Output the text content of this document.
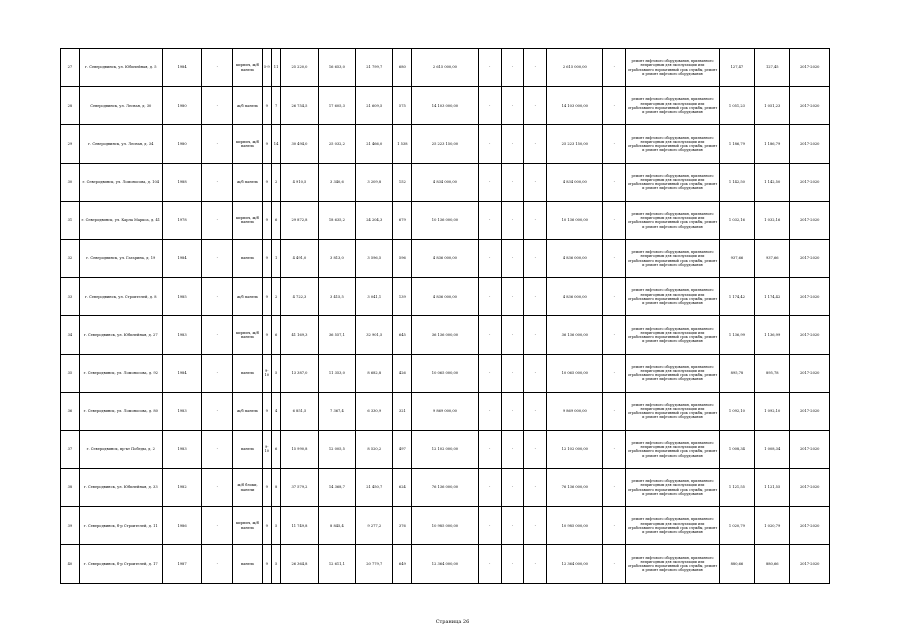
27	г. Северодвинск, ул. Юбилейная, д. 5	1984	-	кирпич, ж/б панель	5-9	11	25 220,0	16 653,0	21 799,7	680	2 615 000,00	-	-	-	2 615 000,00	-	ремонт лифтового оборудования, признанного непригодным для эксплуатации или отработавшего нормативный срок службы, ремонт и ремонт лифтового оборудования	127,47	127,45	2017-2020
28	Северодвинск, ул. Лесная, д. 30	1980	-	ж/б панель	9	7	26 754,5	17 605,3	21 609,5	575	14 103 000,00	-	-	-	14 103 000,00	-	ремонт лифтового оборудования, признанного непригодным для эксплуатации или отработавшего нормативный срок службы, ремонт и ремонт лифтового оборудования	1 051,23	1 051,23	2017-2020
29	г. Северодвинск, ул. Лесная, д. 34	1980	-	кирпич, ж/б панель	9	14	30 494,0	25 032,2	21 466,0	1 538	25 223 150,00	-	-	-	25 223 150,00	-	ремонт лифтового оборудования, признанного непригодным для эксплуатации или отработавшего нормативный срок службы, ремонт и ремонт лифтового оборудования	1 186,79	1 186,79	2017-2020
30	г. Северодвинск, ул. Ломоносова, д. 104	1988	-	ж/б панель	9	2	4 910,5	3 340,6	3 209,8	152	4 834 000,00	-	-	-	4 834 000,00	-	ремонт лифтового оборудования, признанного непригодным для эксплуатации или отработавшего нормативный срок службы, ремонт и ремонт лифтового оборудования	1 142,50	1 142,50	2017-2020
31	г. Северодвинск, ул. Карла Маркса, д. 41	1978	-	кирпич, ж/б панель	9	6	29 872,8	18 635,2	24 204,3	679	10 136 000,00	-	-	-	10 136 000,00	-	ремонт лифтового оборудования, признанного непригодным для эксплуатации или отработавшего нормативный срок службы, ремонт и ремонт лифтового оборудования	1 032,16	1 032,16	2017-2020
32	г. Северодвинск, ул. Гагарина, д. 19	1984	-	панель	9	1	4 491,0	3 813,0	3 596,5	596	4 836 000,00	-	-	-	4 836 000,00	-	ремонт лифтового оборудования, признанного непригодным для эксплуатации или отработавшего нормативный срок службы, ремонт и ремонт лифтового оборудования	937,66	937,66	2017-2020
33	г. Северодвинск, ул. Строителей, д. 8	1985	-	ж/б панель	9	2	4 722,3	3 415,5	3 041,1	139	4 836 000,00	-	-	-	4 836 000,00	-	ремонт лифтового оборудования, признанного непригодным для эксплуатации или отработавшего нормативный срок службы, ремонт и ремонт лифтового оборудования	1 174,42	1 174,42	2017-2020
34	г. Северодвинск, ул. Юбилейная, д. 27	1983	-	кирпич, ж/б панель	9	6	41 169,3	36 557,1	32 901,5	645	36 136 000,00	-	-	-	36 136 000,00	-	ремонт лифтового оборудования, признанного непригодным для эксплуатации или отработавшего нормативный срок службы, ремонт и ремонт лифтового оборудования	1 136,99	1 136,99	2017-2020
35	г. Северодвинск, ул. Ломоносова, д. 92	1984	-	панель	9-10	5	13 387,0	11 353,0	8 682,8	426	10 065 000,00	-	-	-	10 065 000,00	-	ремонт лифтового оборудования, признанного непригодным для эксплуатации или отработавшего нормативный срок службы, ремонт и ремонт лифтового оборудования	895,78	895,78	2017-2020
36	г. Северодвинск, ул. Ломоносова, д. 80	1983	-	ж/б панель	9	4	6 851,5	7 367,4	6 330,9	321	9 869 000,00	-	-	-	9 869 000,00	-	ремонт лифтового оборудования, признанного непригодным для эксплуатации или отработавшего нормативный срок службы, ремонт и ремонт лифтового оборудования	1 092,10	1 092,10	2017-2020
37	г. Северодвинск, пр-кт Победы, д. 2	1983	-	панель	9-10	6	15 990,8	12 005,5	8 520,2	497	12 102 000,00	-	-	-	12 102 000,00	-	ремонт лифтового оборудования, признанного непригодным для эксплуатации или отработавшего нормативный срок службы, ремонт и ремонт лифтового оборудования	1 008,34	1 008,34	2017-2020
38	г. Северодвинск, ул. Юбилейная, д. 33	1982	-	ж/б блоки, панели	9	8	37 579,2	14 368,7	21 450,7	624	76 136 000,00	-	-	-	76 136 000,00	-	ремонт лифтового оборудования, признанного непригодным для эксплуатации или отработавшего нормативный срок службы, ремонт и ремонт лифтового оборудования	1 121,55	1 121,55	2017-2020
39	г. Северодвинск, б-р Строителей, д. 11	1986	-	кирпич, ж/б панель	9	5	11 749,8	8 845,4	9 277,2	376	10 985 000,00	-	-	-	10 985 000,00	-	ремонт лифтового оборудования, признанного непригодным для эксплуатации или отработавшего нормативный срок службы, ремонт и ремонт лифтового оборудования	1 020,79	1 020,79	2017-2020
40	г. Северодвинск, б-р Строителей, д. 17	1987	-	панель	9	5	26 364,8	12 611,1	20 779,7	649	12 364 000,00	-	-	-	12 364 000,00	-	ремонт лифтового оборудования, признанного непригодным для эксплуатации или отработавшего нормативный срок службы, ремонт и ремонт лифтового оборудования	880,66	880,66	2017-2020
Страница 26
